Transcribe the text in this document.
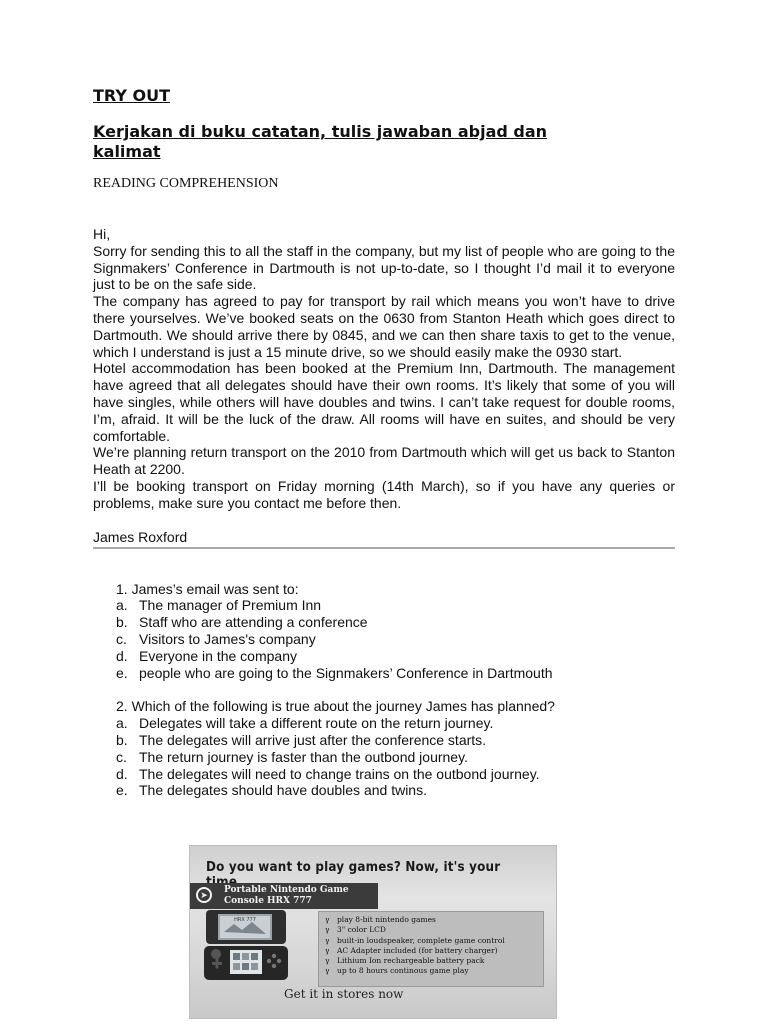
TRY OUT
Kerjakan di buku catatan, tulis jawaban abjad dan
kalimat
READING COMPREHENSION

Hi,

Sorry for sending this to all the staff in the company, but my list of people who are going to the Signmakers’ Conference in Dartmouth is not up-to-date, so I thought I’d mail it to everyone just to be on the safe side.

The company has agreed to pay for transport by rail which means you won’t have to drive there yourselves. We’ve booked seats on the 0630 from Stanton Heath which goes direct to Dartmouth. We should arrive there by 0845, and we can then share taxis to get to the venue, which I understand is just a 15 minute drive, so we should easily make the 0930 start.

Hotel accommodation has been booked at the Premium Inn, Dartmouth. The management have agreed that all delegates should have their own rooms. It’s likely that some of you will have singles, while others will have doubles and twins. I can’t take request for double rooms, I’m, afraid. It will be the luck of the draw. All rooms will have en suites, and should be very comfortable.

We’re planning return transport on the 2010 from Dartmouth which will get us back to Stanton Heath at 2200.

I’ll be booking transport on Friday morning (14th March), so if you have any queries or problems, make sure you contact me before then.

James Roxford
1. James’s email was sent to:
a. The manager of Premium Inn
b. Staff who are attending a conference
c. Visitors to James's company
d. Everyone in the company
e. people who are going to the Signmakers’ Conference in Dartmouth
2. Which of the following is true about the journey James has planned?
a. Delegates will take a different route on the return journey.
b. The delegates will arrive just after the conference starts.
c. The return journey is faster than the outbond journey.
d. The delegates will need to change trains on the outbond journey.
e. The delegates should have doubles and twins.
Do you want to play games? Now, it's your
➤	Portable Nintendo Game
Console HRX 777
HRX 777	γ	play 8-bit nintendo games
γ	3" color LCD
γ	built-in loudspeaker, complete game control
γ	AC Adapter included (for battery charger)
γ	Lithium Ion rechargeable battery pack
γ	up to 8 hours continous game play
Get it in stores now
